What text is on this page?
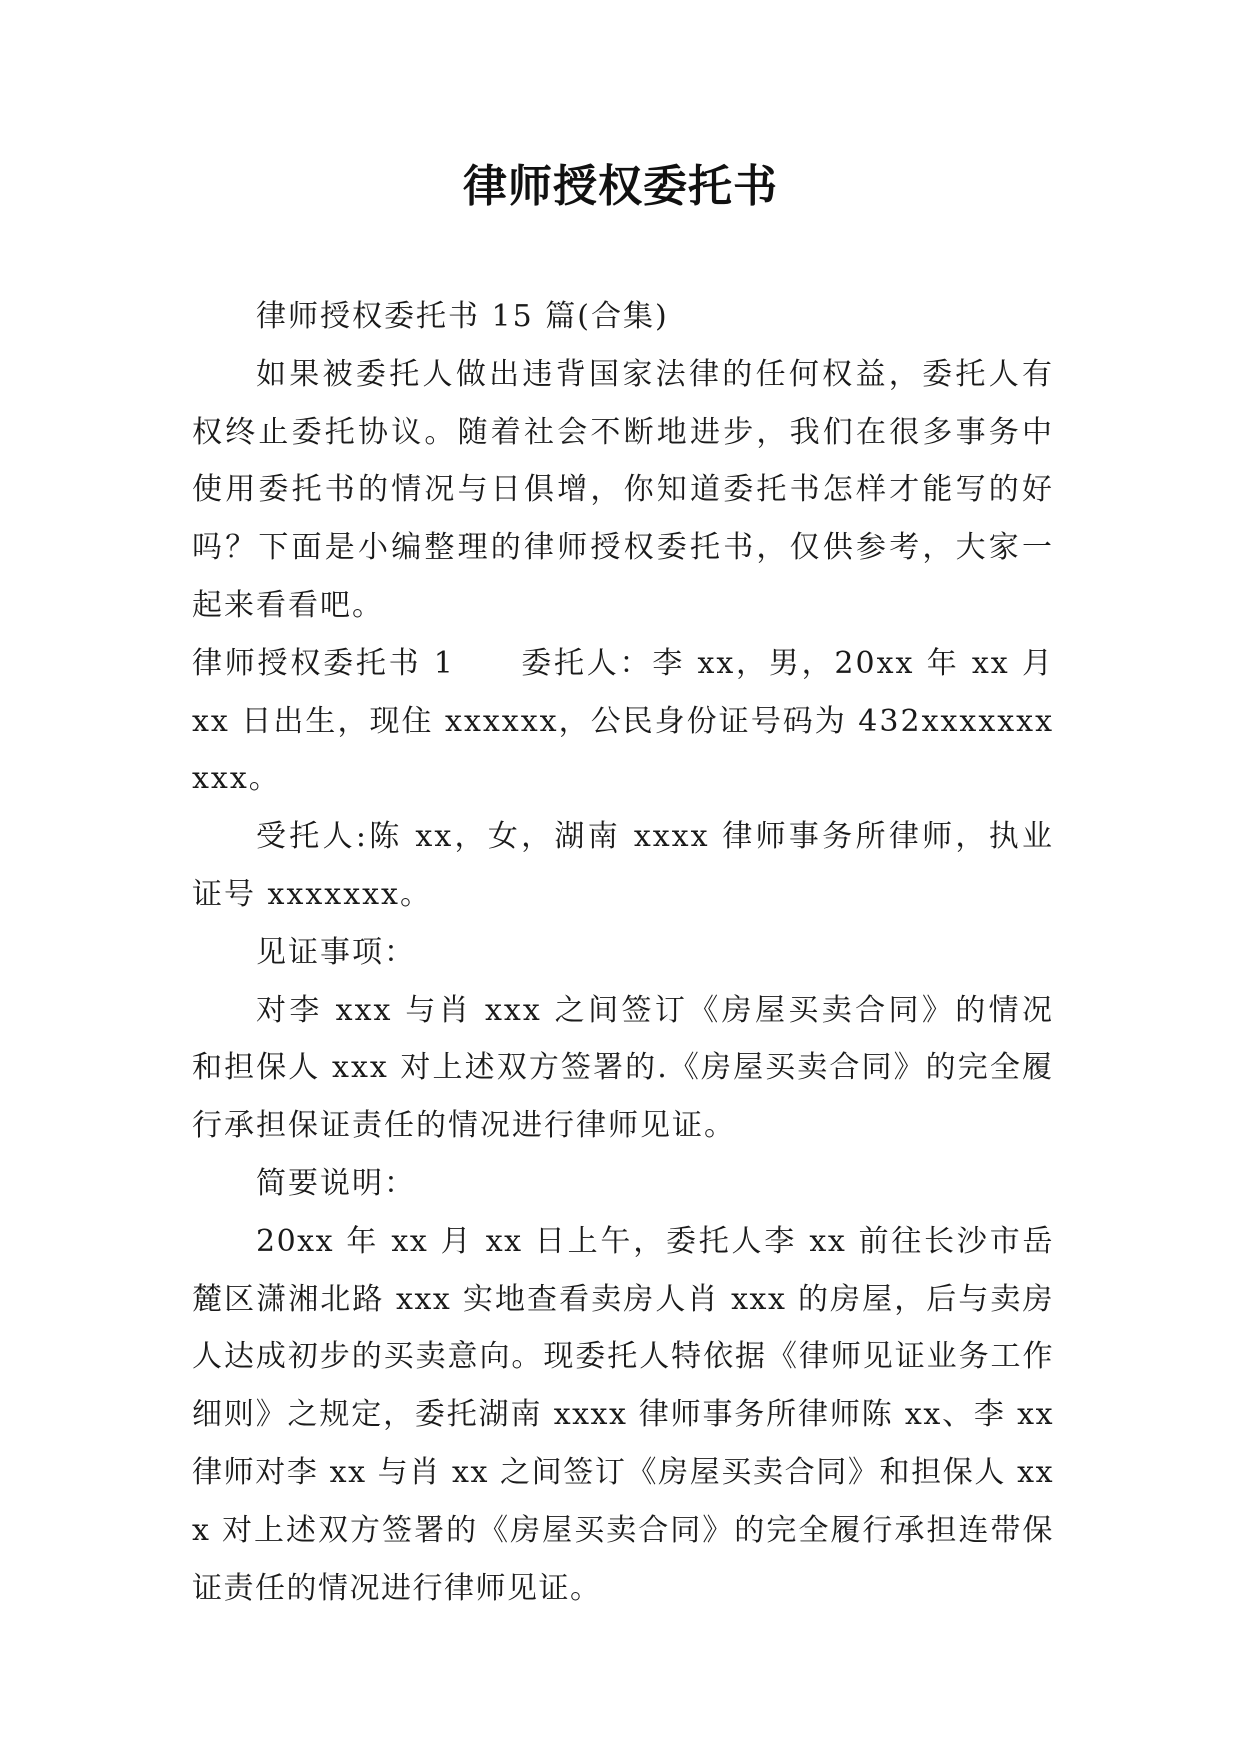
律师授权委托书

律师授权委托书 15 篇(合集)

如果被委托人做出违背国家法律的任何权益，委托人有权终止委托协议。随着社会不断地进步，我们在很多事务中使用委托书的情况与日俱增，你知道委托书怎样才能写的好吗？下面是小编整理的律师授权委托书，仅供参考，大家一起来看看吧。

律师授权委托书 1　　委托人：李 xx，男，20xx 年 xx 月 xx 日出生，现住 xxxxxx，公民身份证号码为 432xxxxxxxxxx。

受托人:陈 xx，女，湖南 xxxx 律师事务所律师，执业证号 xxxxxxx。

见证事项：

对李 xxx 与肖 xxx 之间签订《房屋买卖合同》的情况和担保人 xxx 对上述双方签署的.《房屋买卖合同》的完全履行承担保证责任的情况进行律师见证。

简要说明：

20xx 年 xx 月 xx 日上午，委托人李 xx 前往长沙市岳麓区潇湘北路 xxx 实地查看卖房人肖 xxx 的房屋，后与卖房人达成初步的买卖意向。现委托人特依据《律师见证业务工作细则》之规定，委托湖南 xxxx 律师事务所律师陈 xx、李 xx 律师对李 xx 与肖 xx 之间签订《房屋买卖合同》和担保人 xxx 对上述双方签署的《房屋买卖合同》的完全履行承担连带保证责任的情况进行律师见证。
